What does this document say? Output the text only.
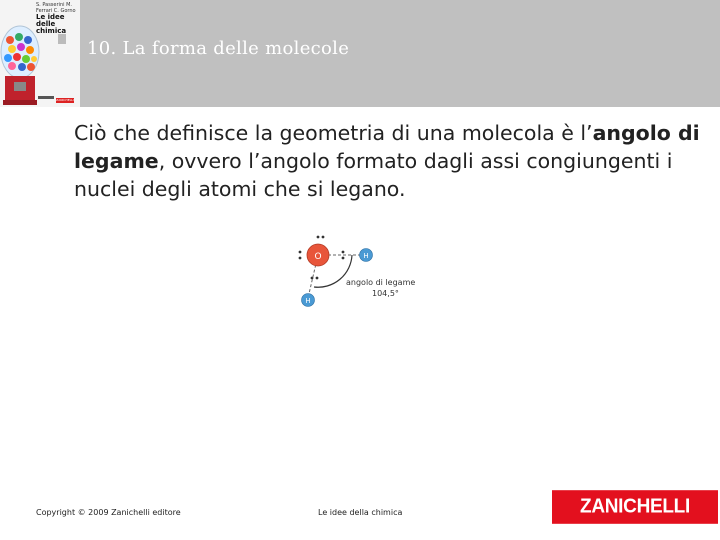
S. Passerini M. Ferrari C. Gorno
Le idee delle
chimica
ZANICHELLI
10. La forma delle molecole
Ciò che definisce la geometria di una molecola è l’angolo di legame, ovvero l’angolo formato dagli assi congiungenti i nuclei degli atomi che si legano.
O	H
H
angolo di legame
104,5°
Copyright © 2009 Zanichelli editore	Le idee della chimica	ZANICHELLI
